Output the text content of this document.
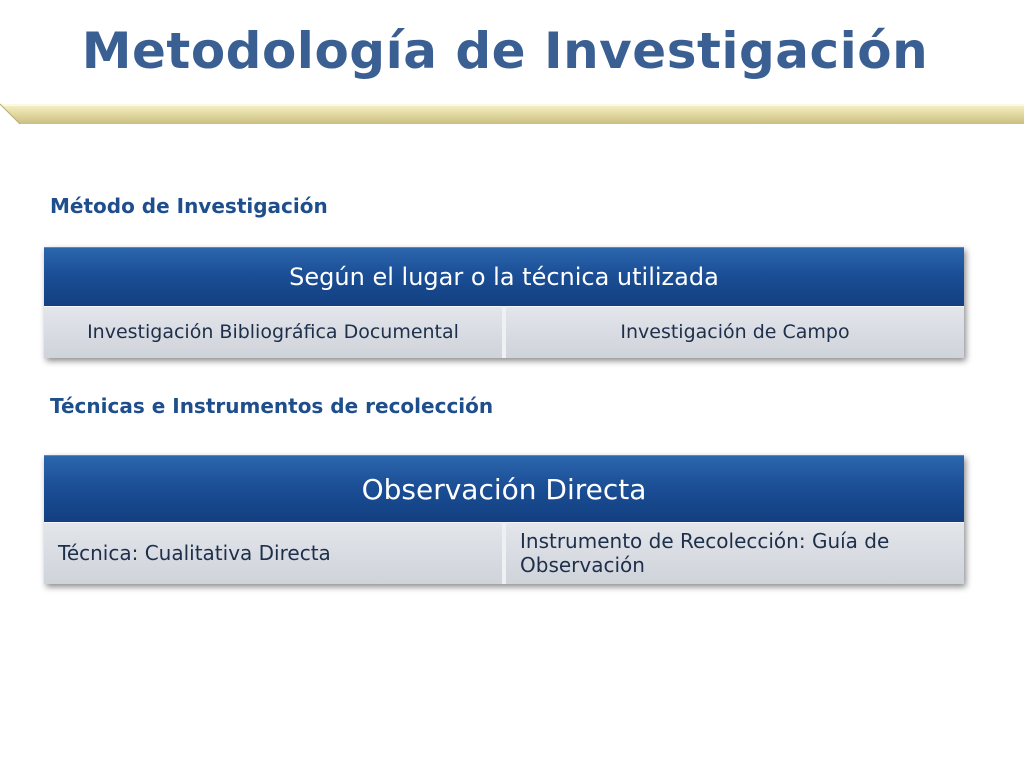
Metodología de Investigación
Método de Investigación
Según el lugar o la técnica utilizada
Investigación Bibliográfica Documental	Investigación de Campo
Técnicas e Instrumentos de recolección
Observación Directa
Técnica: Cualitativa Directa	Instrumento de Recolección: Guía de Observación
